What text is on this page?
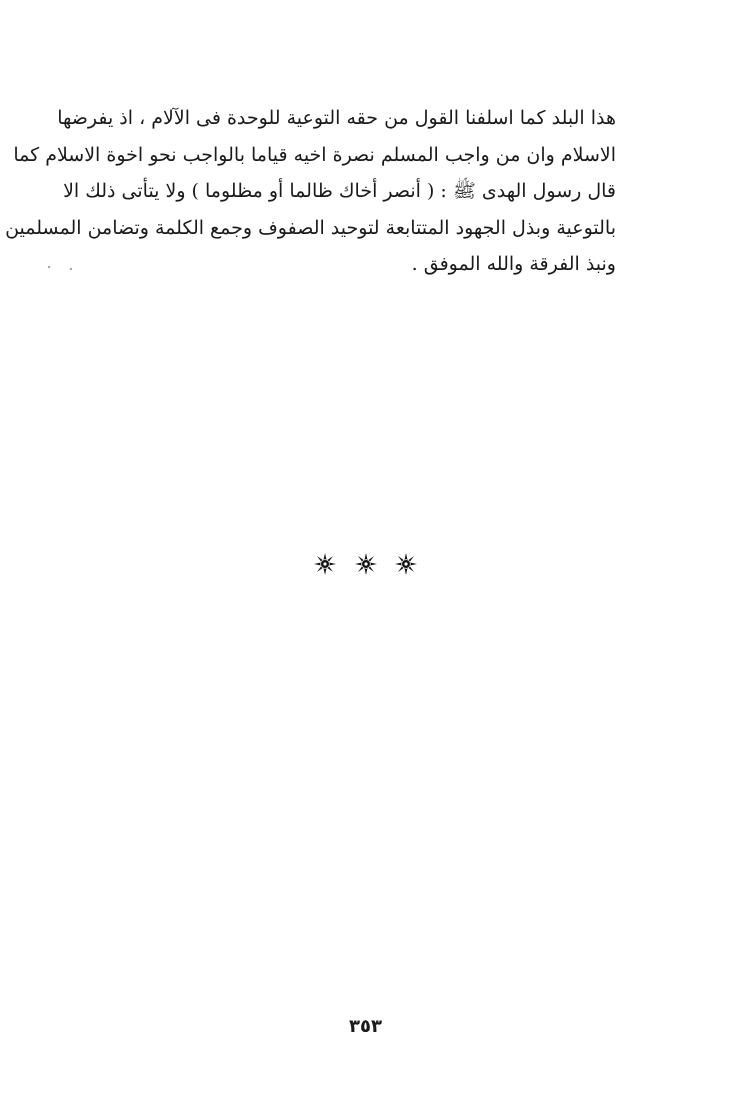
هذا البلد كما اسلفنا القول من حقه التوعية للوحدة فى الآلام ، اذ يفرضها
الاسلام وان من واجب المسلم نصرة اخيه قياما بالواجب نحو اخوة الاسلام كما
قال رسول الهدى ﷺ : ( أنصر أخاك ظالما أو مظلوما ) ولا يتأتى ذلك الا
بالتوعية وبذل الجهود المتتابعة لتوحيد الصفوف وجمع الكلمة وتضامن المسلمين
ونبذ الفرقة والله الموفق .

٣٥٣
